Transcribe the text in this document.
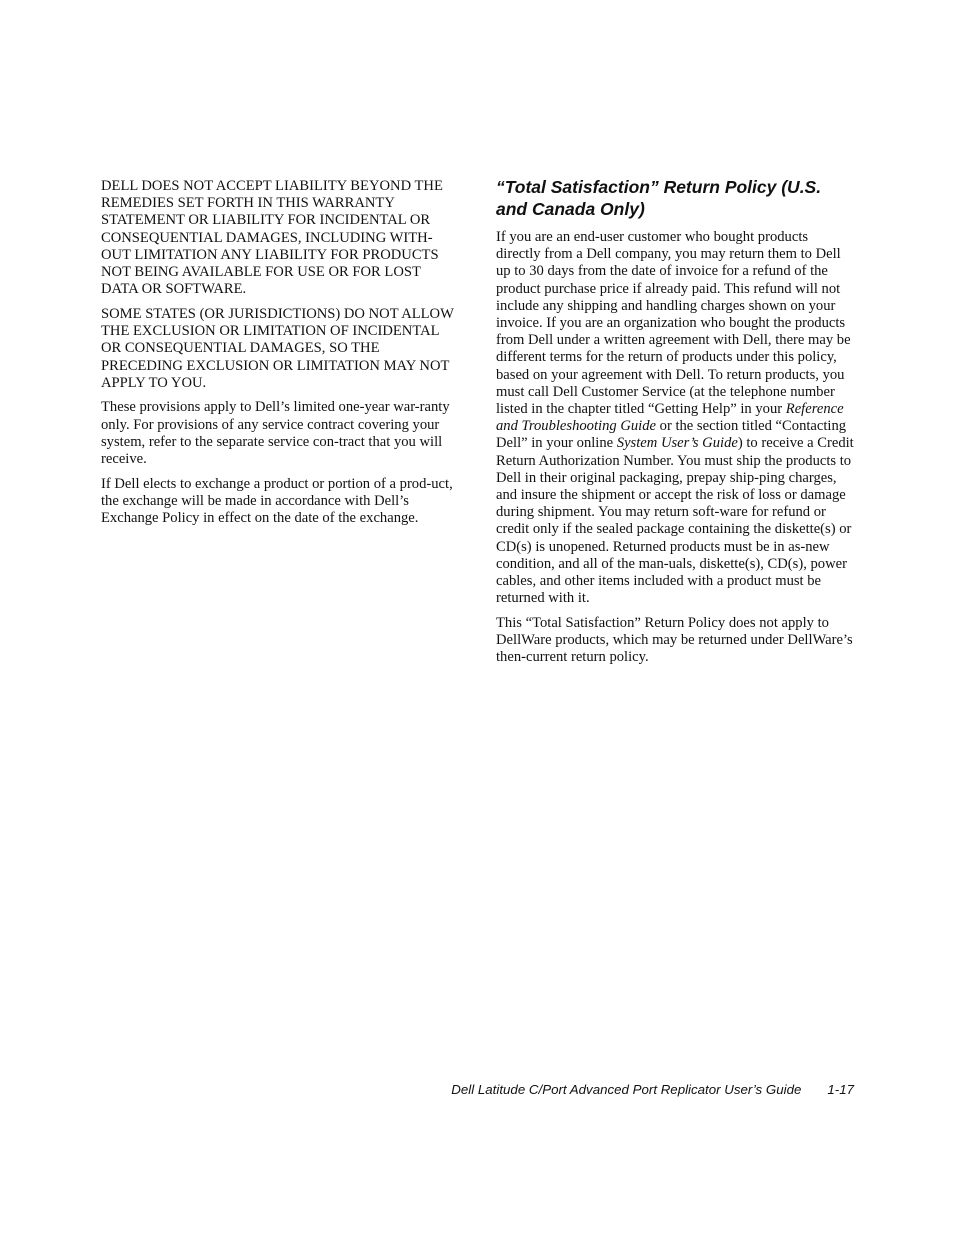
DELL DOES NOT ACCEPT LIABILITY BEYOND THE REMEDIES SET FORTH IN THIS WARRANTY STATEMENT OR LIABILITY FOR INCIDENTAL OR CONSEQUENTIAL DAMAGES, INCLUDING WITH-OUT LIMITATION ANY LIABILITY FOR PRODUCTS NOT BEING AVAILABLE FOR USE OR FOR LOST DATA OR SOFTWARE.

SOME STATES (OR JURISDICTIONS) DO NOT ALLOW THE EXCLUSION OR LIMITATION OF INCIDENTAL OR CONSEQUENTIAL DAMAGES, SO THE PRECEDING EXCLUSION OR LIMITATION MAY NOT APPLY TO YOU.

These provisions apply to Dell’s limited one-year war-ranty only. For provisions of any service contract covering your system, refer to the separate service con-tract that you will receive.

If Dell elects to exchange a product or portion of a prod-uct, the exchange will be made in accordance with Dell’s Exchange Policy in effect on the date of the exchange.

“Total Satisfaction” Return Policy (U.S. and Canada Only)

If you are an end-user customer who bought products directly from a Dell company, you may return them to Dell up to 30 days from the date of invoice for a refund of the product purchase price if already paid. This refund will not include any shipping and handling charges shown on your invoice. If you are an organization who bought the products from Dell under a written agreement with Dell, there may be different terms for the return of products under this policy, based on your agreement with Dell. To return products, you must call Dell Customer Service (at the telephone number listed in the chapter titled “Getting Help” in your Reference and Troubleshooting Guide or the section titled “Contacting Dell” in your online System User’s Guide) to receive a Credit Return Authorization Number. You must ship the products to Dell in their original packaging, prepay ship-ping charges, and insure the shipment or accept the risk of loss or damage during shipment. You may return soft-ware for refund or credit only if the sealed package containing the diskette(s) or CD(s) is unopened. Returned products must be in as-new condition, and all of the man-uals, diskette(s), CD(s), power cables, and other items included with a product must be returned with it.

This “Total Satisfaction” Return Policy does not apply to DellWare products, which may be returned under DellWare’s then-current return policy.

Dell Latitude C/Port Advanced Port Replicator User’s Guide 1-17
